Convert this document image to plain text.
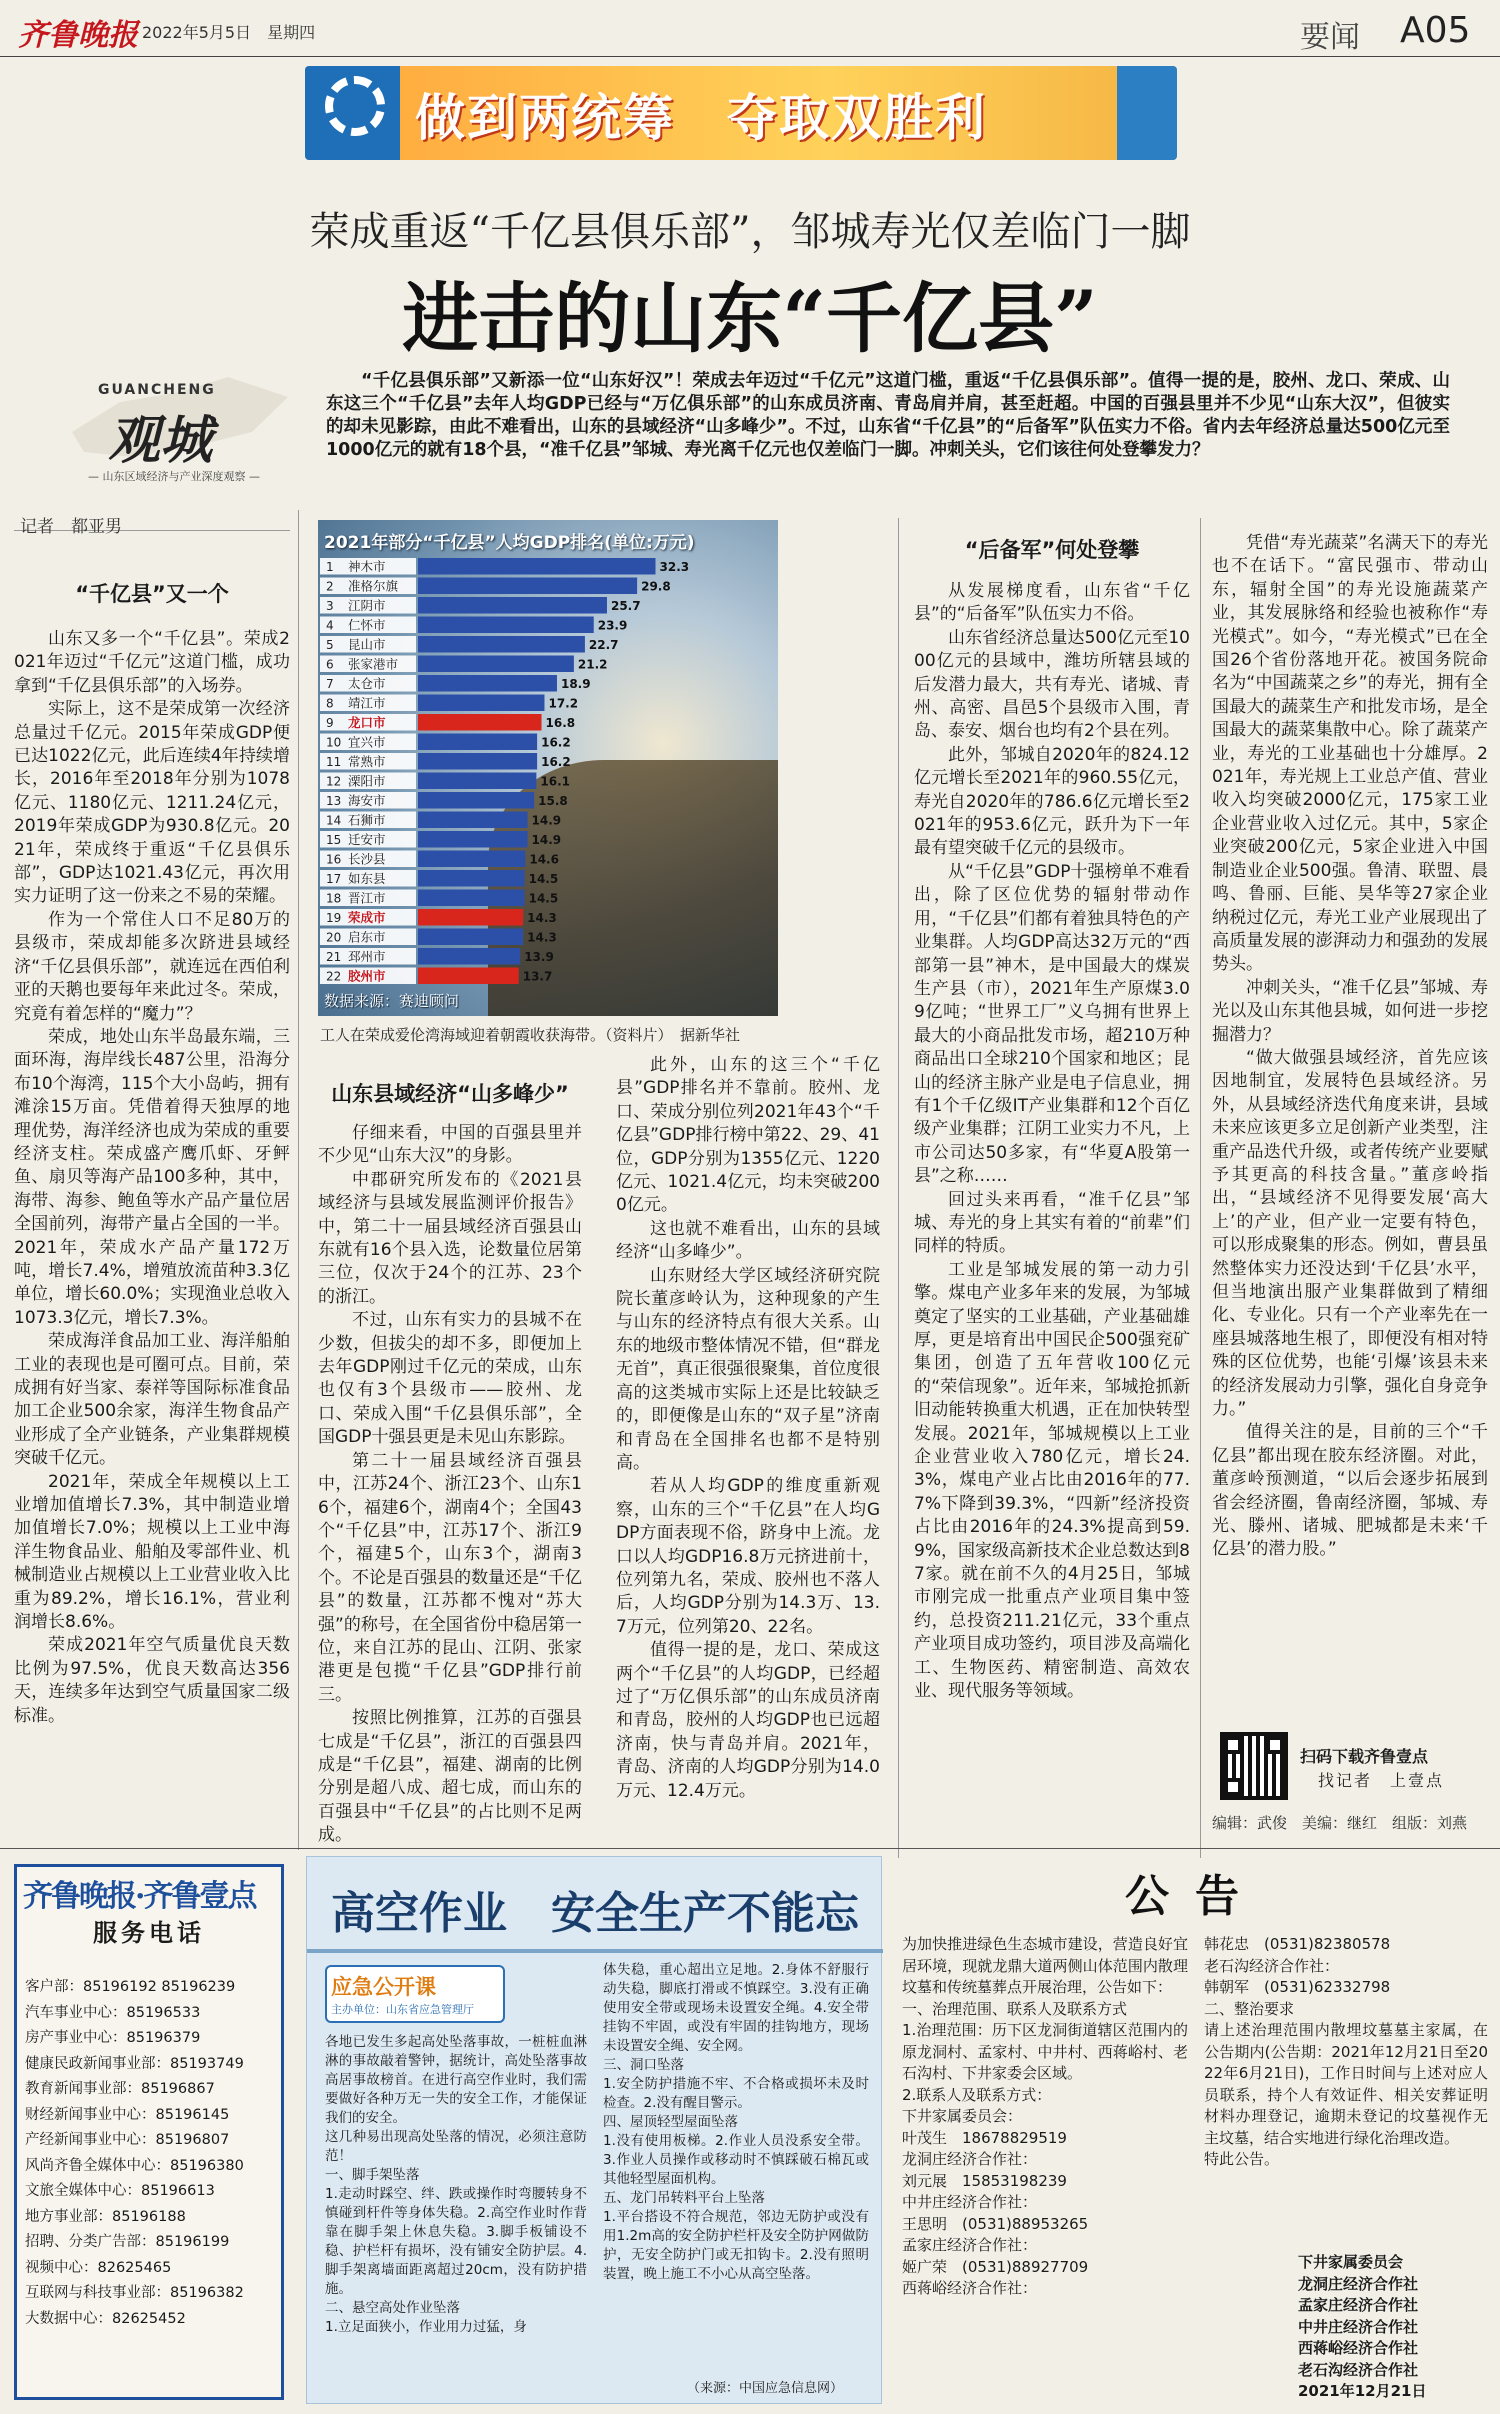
齐鲁晚报 2022年5月5日　星期四	要闻 A05
做到两统筹　夺取双胜利
荣成重返“千亿县俱乐部”，邹城寿光仅差临门一脚
进击的山东“千亿县”
GUANCHENG
观城
— 山东区域经济与产业深度观察 —
“千亿县俱乐部”又新添一位“山东好汉”！荣成去年迈过“千亿元”这道门槛，重返“千亿县俱乐部”。值得一提的是，胶州、龙口、荣成、山东这三个“千亿县”去年人均GDP已经与“万亿俱乐部”的山东成员济南、青岛肩并肩，甚至赶超。中国的百强县里并不少见“山东大汉”，但彼实的却未见影踪，由此不难看出，山东的县域经济“山多峰少”。不过，山东省“千亿县”的“后备军”队伍实力不俗。省内去年经济总量达500亿元至1000亿元的就有18个县，“准千亿县”邹城、寿光离千亿元也仅差临门一脚。冲刺关头，它们该往何处登攀发力？
记者　都亚男
“千亿县”又一个

山东又多一个“千亿县”。荣成2021年迈过“千亿元”这道门槛，成功拿到“千亿县俱乐部”的入场券。

实际上，这不是荣成第一次经济总量过千亿元。2015年荣成GDP便已达1022亿元，此后连续4年持续增长，2016年至2018年分别为1078亿元、1180亿元、1211.24亿元，2019年荣成GDP为930.8亿元。2021年，荣成终于重返“千亿县俱乐部”，GDP达1021.43亿元，再次用实力证明了这一份来之不易的荣耀。

作为一个常住人口不足80万的县级市，荣成却能多次跻进县域经济“千亿县俱乐部”，就连远在西伯利亚的天鹅也要每年来此过冬。荣成，究竟有着怎样的“魔力”？

荣成，地处山东半岛最东端，三面环海，海岸线长487公里，沿海分布10个海湾，115个大小岛屿，拥有滩涂15万亩。凭借着得天独厚的地理优势，海洋经济也成为荣成的重要经济支柱。荣成盛产鹰爪虾、牙鲆鱼、扇贝等海产品100多种，其中，海带、海参、鲍鱼等水产品产量位居全国前列，海带产量占全国的一半。2021年，荣成水产品产量172万吨，增长7.4%，增殖放流苗种3.3亿单位，增长60.0%；实现渔业总收入1073.3亿元，增长7.3%。

荣成海洋食品加工业、海洋船舶工业的表现也是可圈可点。目前，荣成拥有好当家、泰祥等国际标准食品加工企业500余家，海洋生物食品产业形成了全产业链条，产业集群规模突破千亿元。

2021年，荣成全年规模以上工业增加值增长7.3%，其中制造业增加值增长7.0%；规模以上工业中海洋生物食品业、船舶及零部件业、机械制造业占规模以上工业营业收入比重为89.2%，增长16.1%，营业利润增长8.6%。

荣成2021年空气质量优良天数比例为97.5%，优良天数高达356天，连续多年达到空气质量国家二级标准。

2021年部分“千亿县”人均GDP排名(单位:万元)
1 神木市	32.3
2 准格尔旗	29.8
3 江阴市	25.7
4 仁怀市	23.9
5 昆山市	22.7
6 张家港市	21.2
7 太仓市	18.9
8 靖江市	17.2
9 龙口市	16.8
10 宜兴市	16.2
11 常熟市	16.2
12 溧阳市	16.1
13 海安市	15.8
14 石狮市	14.9
15 迁安市	14.9
16 长沙县	14.6
17 如东县	14.5
18 晋江市	14.5
19 荣成市	14.3
20 启东市	14.3
21 邳州市	13.9
22 胶州市	13.7
数据来源：赛迪顾问
工人在荣成爱伦湾海域迎着朝霞收获海带。（资料片）　据新华社
山东县域经济“山多峰少”

仔细来看，中国的百强县里并不少见“山东大汉”的身影。

中郡研究所发布的《2021县域经济与县域发展监测评价报告》中，第二十一届县域经济百强县山东就有16个县入选，论数量位居第三位，仅次于24个的江苏、23个的浙江。

不过，山东有实力的县城不在少数，但拔尖的却不多，即便加上去年GDP刚过千亿元的荣成，山东也仅有3个县级市——胶州、龙口、荣成入围“千亿县俱乐部”，全国GDP十强县更是未见山东影踪。

第二十一届县域经济百强县中，江苏24个、浙江23个、山东16个，福建6个，湖南4个；全国43个“千亿县”中，江苏17个、浙江9个，福建5个，山东3个，湖南3个。不论是百强县的数量还是“千亿县”的数量，江苏都不愧对“苏大强”的称号，在全国省份中稳居第一位，来自江苏的昆山、江阴、张家港更是包揽“千亿县”GDP排行前三。

按照比例推算，江苏的百强县七成是“千亿县”，浙江的百强县四成是“千亿县”，福建、湖南的比例分别是超八成、超七成，而山东的百强县中“千亿县”的占比则不足两成。

此外，山东的这三个“千亿县”GDP排名并不靠前。胶州、龙口、荣成分别位列2021年43个“千亿县”GDP排行榜中第22、29、41位，GDP分别为1355亿元、1220亿元、1021.4亿元，均未突破2000亿元。

这也就不难看出，山东的县域经济“山多峰少”。

山东财经大学区域经济研究院院长董彦岭认为，这种现象的产生与山东的经济特点有很大关系。山东的地级市整体情况不错，但“群龙无首”，真正很强很聚集，首位度很高的这类城市实际上还是比较缺乏的，即便像是山东的“双子星”济南和青岛在全国排名也都不是特别高。

若从人均GDP的维度重新观察，山东的三个“千亿县”在人均GDP方面表现不俗，跻身中上流。龙口以人均GDP16.8万元挤进前十，位列第九名，荣成、胶州也不落人后，人均GDP分别为14.3万、13.7万元，位列第20、22名。

值得一提的是，龙口、荣成这两个“千亿县”的人均GDP，已经超过了“万亿俱乐部”的山东成员济南和青岛，胶州的人均GDP也已远超济南，快与青岛并肩。2021年，青岛、济南的人均GDP分别为14.0万元、12.4万元。

“后备军”何处登攀

从发展梯度看，山东省“千亿县”的“后备军”队伍实力不俗。

山东省经济总量达500亿元至1000亿元的县域中，潍坊所辖县域的后发潜力最大，共有寿光、诸城、青州、高密、昌邑5个县级市入围，青岛、泰安、烟台也均有2个县在列。

此外，邹城自2020年的824.12亿元增长至2021年的960.55亿元，寿光自2020年的786.6亿元增长至2021年的953.6亿元，跃升为下一年最有望突破千亿元的县级市。

从“千亿县”GDP十强榜单不难看出，除了区位优势的辐射带动作用，“千亿县”们都有着独具特色的产业集群。人均GDP高达32万元的“西部第一县”神木，是中国最大的煤炭生产县（市），2021年生产原煤3.09亿吨；“世界工厂”义乌拥有世界上最大的小商品批发市场，超210万种商品出口全球210个国家和地区；昆山的经济主脉产业是电子信息业，拥有1个千亿级IT产业集群和12个百亿级产业集群；江阴工业实力不凡，上市公司达50多家，有“华夏A股第一县”之称……

回过头来再看，“准千亿县”邹城、寿光的身上其实有着的“前辈”们同样的特质。

工业是邹城发展的第一动力引擎。煤电产业多年来的发展，为邹城奠定了坚实的工业基础，产业基础雄厚，更是培育出中国民企500强兖矿集团，创造了五年营收100亿元的“荣信现象”。近年来，邹城抢抓新旧动能转换重大机遇，正在加快转型发展。2021年，邹城规模以上工业企业营业收入780亿元，增长24.3%，煤电产业占比由2016年的77.7%下降到39.3%，“四新”经济投资占比由2016年的24.3%提高到59.9%，国家级高新技术企业总数达到87家。就在前不久的4月25日，邹城市刚完成一批重点产业项目集中签约，总投资211.21亿元，33个重点产业项目成功签约，项目涉及高端化工、生物医药、精密制造、高效农业、现代服务等领域。

凭借“寿光蔬菜”名满天下的寿光也不在话下。“富民强市、带动山东，辐射全国”的寿光设施蔬菜产业，其发展脉络和经验也被称作“寿光模式”。如今，“寿光模式”已在全国26个省份落地开花。被国务院命名为“中国蔬菜之乡”的寿光，拥有全国最大的蔬菜生产和批发市场，是全国最大的蔬菜集散中心。除了蔬菜产业，寿光的工业基础也十分雄厚。2021年，寿光规上工业总产值、营业收入均突破2000亿元，175家工业企业营业收入过亿元。其中，5家企业突破200亿元，5家企业进入中国制造业企业500强。鲁清、联盟、晨鸣、鲁丽、巨能、昊华等27家企业纳税过亿元，寿光工业产业展现出了高质量发展的澎湃动力和强劲的发展势头。

冲刺关头，“准千亿县”邹城、寿光以及山东其他县城，如何进一步挖掘潜力？

“做大做强县域经济，首先应该因地制宜，发展特色县域经济。另外，从县域经济迭代角度来讲，县域未来应该更多立足创新产业类型，注重产品迭代升级，或者传统产业要赋予其更高的科技含量。”董彦岭指出，“县域经济不见得要发展‘高大上’的产业，但产业一定要有特色，可以形成聚集的形态。例如，曹县虽然整体实力还没达到‘千亿县’水平，但当地演出服产业集群做到了精细化、专业化。只有一个产业率先在一座县城落地生根了，即便没有相对特殊的区位优势，也能‘引爆’该县未来的经济发展动力引擎，强化自身竞争力。”

值得关注的是，目前的三个“千亿县”都出现在胶东经济圈。对此，董彦岭预测道，“以后会逐步拓展到省会经济圈，鲁南经济圈，邹城、寿光、滕州、诸城、肥城都是未来‘千亿县’的潜力股。”

扫码下载齐鲁壹点
找记者　上壹点
编辑：武俊　美编：继红　组版：刘燕
齐鲁晚报·齐鲁壹点
服务电话
客户部：85196192 85196239
汽车事业中心：85196533
房产事业中心：85196379
健康民政新闻事业部：85193749
教育新闻事业部：85196867
财经新闻事业中心：85196145
产经新闻事业中心：85196807
风尚齐鲁全媒体中心：85196380
文旅全媒体中心：85196613
地方事业部：85196188
招聘、分类广告部：85196199
视频中心：82625465
互联网与科技事业部：85196382
大数据中心：82625452
高空作业　安全生产不能忘
应急公开课
主办单位：山东省应急管理厅
各地已发生多起高处坠落事故，一桩桩血淋淋的事故敲着警钟，据统计，高处坠落事故高居事故榜首。在进行高空作业时，我们需要做好各种万无一失的安全工作，才能保证我们的安全。
这几种易出现高处坠落的情况，必须注意防范！
一、脚手架坠落
1.走动时踩空、绊、跌或操作时弯腰转身不慎碰到杆件等身体失稳。2.高空作业时作背靠在脚手架上休息失稳。3.脚手板铺设不稳、护栏杆有损坏，没有铺安全防护层。4.脚手架离墙面距离超过20cm，没有防护措施。
二、悬空高处作业坠落
1.立足面狭小，作业用力过猛，身
体失稳，重心超出立足地。2.身体不舒服行动失稳，脚底打滑或不慎踩空。3.没有正确使用安全带或现场未设置安全绳。4.安全带挂钩不牢固，或没有牢固的挂钩地方，现场未设置安全绳、安全网。
三、洞口坠落
1.安全防护措施不牢、不合格或损坏未及时检查。2.没有醒目警示。
四、屋顶轻型屋面坠落
1.没有使用板梯。2.作业人员没系安全带。3.作业人员操作或移动时不慎踩破石棉瓦或其他轻型屋面机构。
五、龙门吊转料平台上坠落
1.平台搭设不符合规范，邻边无防护或没有用1.2m高的安全防护栏杆及安全防护网做防护，无安全防护门或无扣钩卡。2.没有照明装置，晚上施工不小心从高空坠落。
（来源：中国应急信息网）
公告
为加快推进绿色生态城市建设，营造良好宜居环境，现就龙鼎大道两侧山体范围内散理坟墓和传统墓葬点开展治理，公告如下：
一、治理范围、联系人及联系方式
1.治理范围：历下区龙洞街道辖区范围内的原龙洞村、孟家村、中井村、西蒋峪村、老石沟村、下井家委会区域。
2.联系人及联系方式：
下井家属委员会：
叶茂生　18678829519
龙洞庄经济合作社：
刘元展　15853198239
中井庄经济合作社：
王思明　(0531)88953265
孟家庄经济合作社：
姬广荣　(0531)88927709
西蒋峪经济合作社：
韩花忠　(0531)82380578
老石沟经济合作社：
韩朝军　(0531)62332798
二、整治要求
请上述治理范围内散埋坟墓墓主家属，在公告期内(公告期：2021年12月21日至2022年6月21日)，工作日时间与上述对应人员联系，持个人有效证件、相关安葬证明材料办理登记，逾期未登记的坟墓视作无主坟墓，结合实地进行绿化治理改造。
特此公告。
下井家属委员会
龙洞庄经济合作社
孟家庄经济合作社
中井庄经济合作社
西蒋峪经济合作社
老石沟经济合作社
2021年12月21日
